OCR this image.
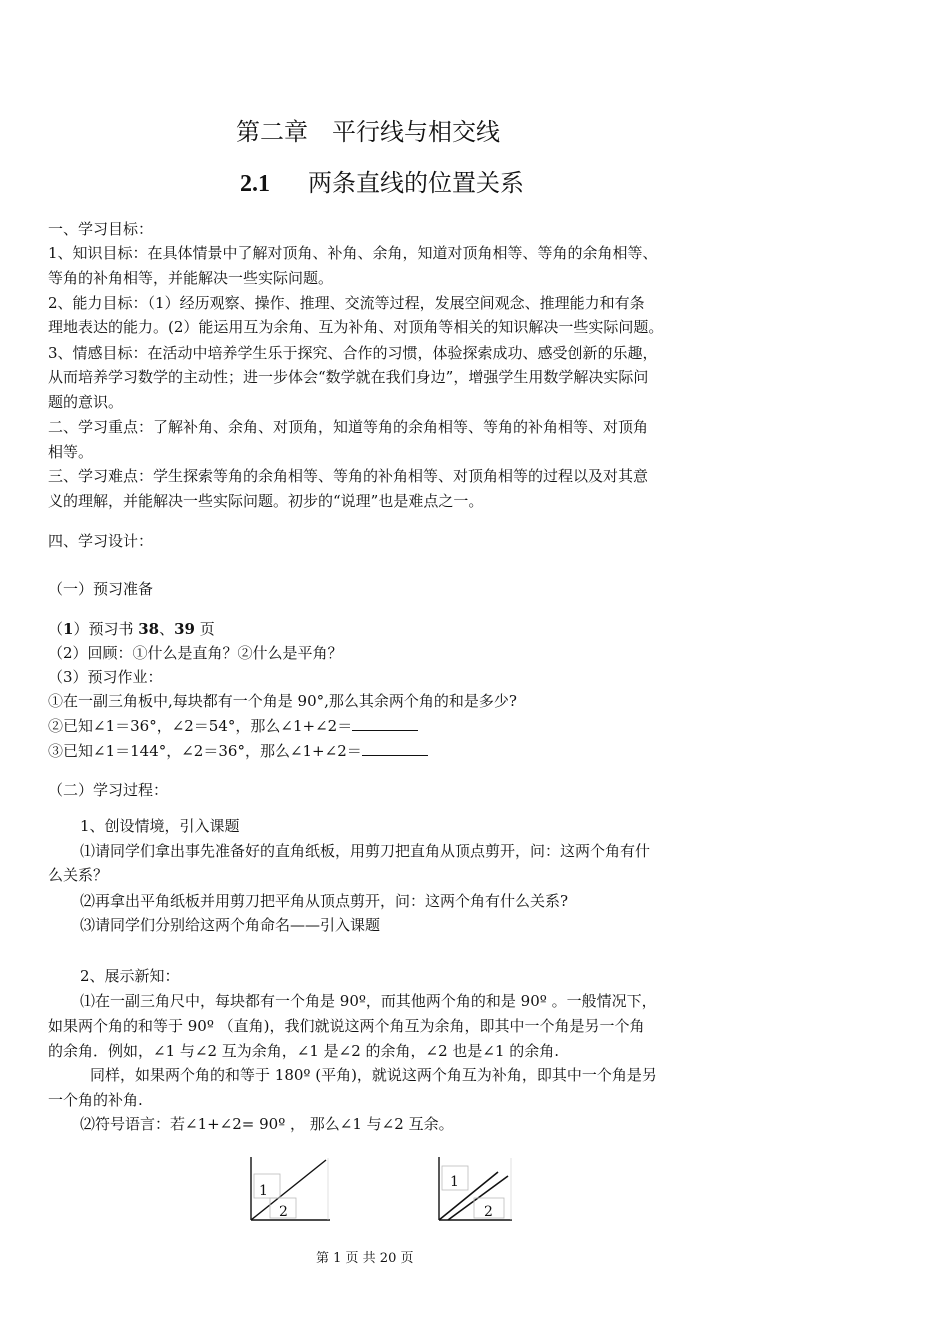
第二章 平行线与相交线
2.1 两条直线的位置关系
一、学习目标：
1、知识目标：在具体情景中了解对顶角、补角、余角，知道对顶角相等、等角的余角相等、
等角的补角相等，并能解决一些实际问题。
2、能力目标：（1）经历观察、操作、推理、交流等过程，发展空间观念、推理能力和有条
理地表达的能力。(2）能运用互为余角、互为补角、对顶角等相关的知识解决一些实际问题。
3、情感目标：在活动中培养学生乐于探究、合作的习惯，体验探索成功、感受创新的乐趣，
从而培养学习数学的主动性；进一步体会“数学就在我们身边”，增强学生用数学解决实际问
题的意识。
二、学习重点：了解补角、余角、对顶角，知道等角的余角相等、等角的补角相等、对顶角
相等。
三、学习难点：学生探索等角的余角相等、等角的补角相等、对顶角相等的过程以及对其意
义的理解，并能解决一些实际问题。初步的“说理”也是难点之一。
四、学习设计：
（一）预习准备
（1）预习书 38、39 页
（2）回顾：①什么是直角？②什么是平角？
（3）预习作业：
①在一副三角板中,每块都有一个角是 90°,那么其余两个角的和是多少?
②已知∠1＝36°，∠2＝54°，那么∠1+∠2＝
③已知∠1＝144°，∠2＝36°，那么∠1+∠2＝
（二）学习过程：
1、创设情境，引入课题
⑴请同学们拿出事先准备好的直角纸板，用剪刀把直角从顶点剪开，问：这两个角有什
么关系？
⑵再拿出平角纸板并用剪刀把平角从顶点剪开，问：这两个角有什么关系?
⑶请同学们分别给这两个角命名——引入课题
2、展示新知：
⑴在一副三角尺中，每块都有一个角是 90º，而其他两个角的和是 90º 。一般情况下，
如果两个角的和等于 90º （直角)，我们就说这两个角互为余角，即其中一个角是另一个角
的余角．例如，∠1 与∠2 互为余角，∠1 是∠2 的余角，∠2 也是∠1 的余角.
同样，如果两个角的和等于 180º (平角)，就说这两个角互为补角，即其中一个角是另
一个角的补角.
⑵符号语言：若∠1+∠2= 90º ， 那么∠1 与∠2 互余。
1
2
1
2
第 1 页 共 20 页
